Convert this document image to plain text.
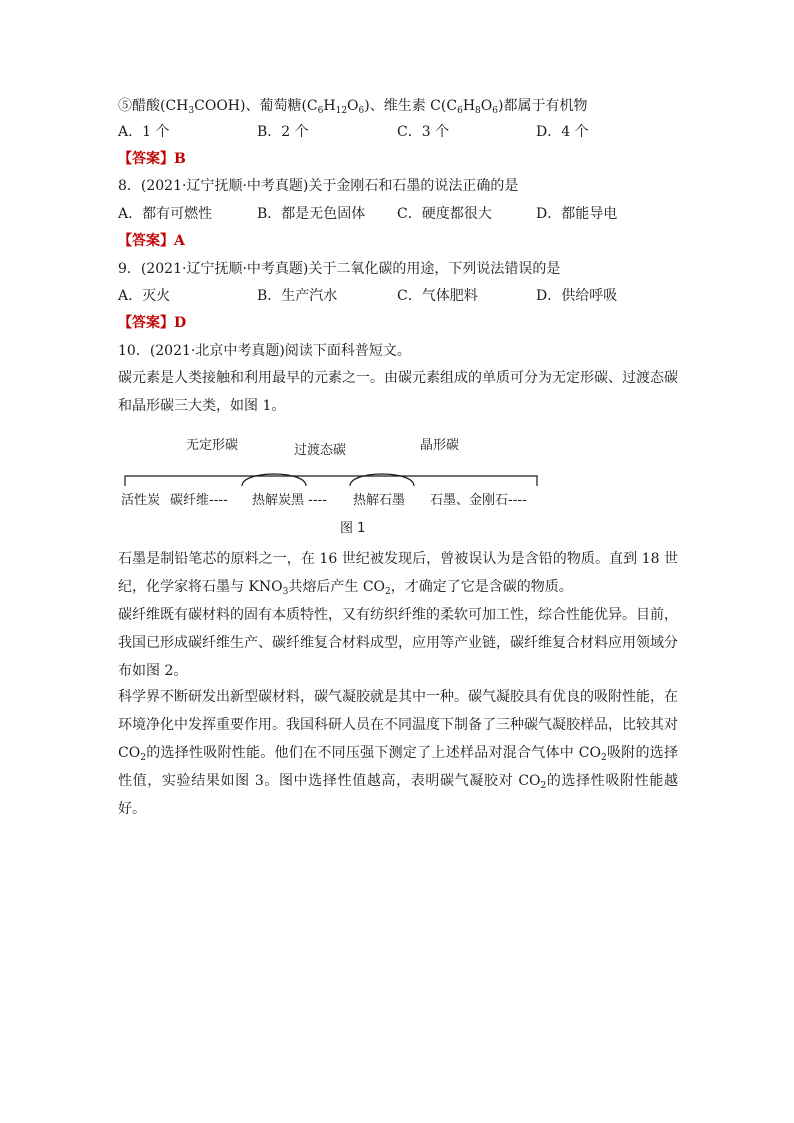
⑤醋酸$(CH_3COOH)$、葡萄糖$(C_6H_{12}O_6)$、维生素 $C(C_6H_8O_6)$都属于有机物
A．1 个	B．2 个	C．3 个	D．4 个
【答案】B
8．(2021·辽宁抚顺·中考真题)关于金刚石和石墨的说法正确的是
A．都有可燃性	B．都是无色固体 C．硬度都很大	D．都能导电
【答案】A
9．(2021·辽宁抚顺·中考真题)关于二氧化碳的用途，下列说法错误的是
A．灭火	B．生产汽水	C．气体肥料	D．供给呼吸
【答案】D
10．(2021·北京中考真题)阅读下面科普短文。
碳元素是人类接触和利用最早的元素之一。由碳元素组成的单质可分为无定形碳、过渡态碳和晶形碳三大类，如图 1。
无定形碳	过渡态碳	晶形碳
活性炭 碳纤维---- 热解炭黑 ---- 热解石墨 石墨、金刚石----
图 1
石墨是制铅笔芯的原料之一，在 16 世纪被发现后，曾被误认为是含铅的物质。直到 18 世纪，化学家将石墨与 $KNO_3$共熔后产生 $CO_2$，才确定了它是含碳的物质。
碳纤维既有碳材料的固有本质特性，又有纺织纤维的柔软可加工性，综合性能优异。目前，我国已形成碳纤维生产、碳纤维复合材料成型，应用等产业链，碳纤维复合材料应用领域分布如图 2。
科学界不断研发出新型碳材料，碳气凝胶就是其中一种。碳气凝胶具有优良的吸附性能，在环境净化中发挥重要作用。我国科研人员在不同温度下制备了三种碳气凝胶样品，比较其对 $CO_2$的选择性吸附性能。他们在不同压强下测定了上述样品对混合气体中 $CO_2$吸附的选择性值，实验结果如图 3。图中选择性值越高，表明碳气凝胶对 $CO_2$的选择性吸附性能越好。
